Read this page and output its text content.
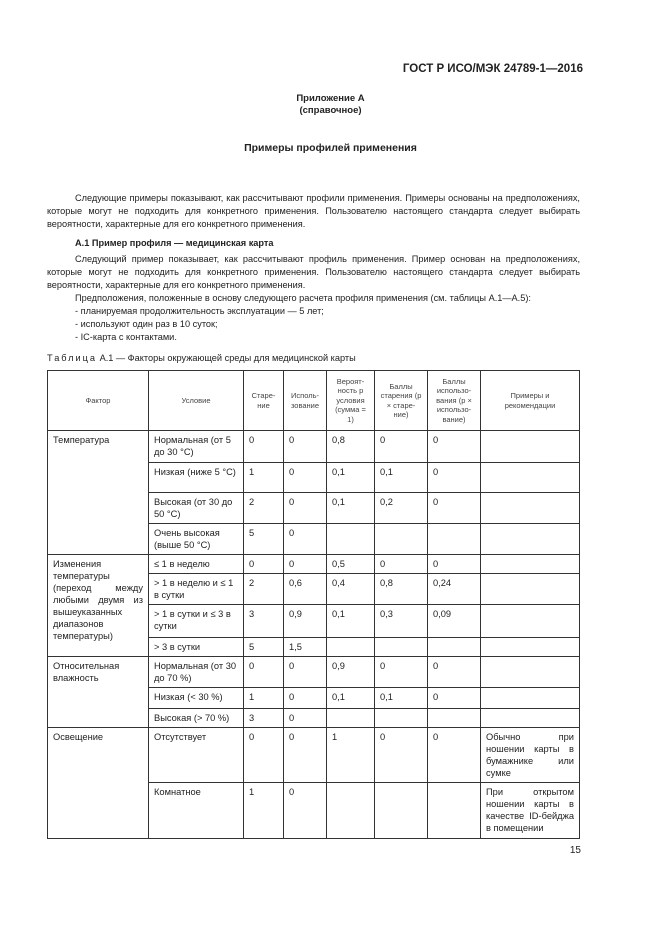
ГОСТ Р ИСО/МЭК 24789-1—2016
Приложение А
(справочное)
Примеры профилей применения

Следующие примеры показывают, как рассчитывают профили применения. Примеры основаны на предположениях, которые могут не подходить для конкретного применения. Пользователю настоящего стандарта следует выбирать вероятности, характерные для его конкретного применения.

А.1 Пример профиля — медицинская карта

Следующий пример показывает, как рассчитывают профиль применения. Пример основан на предположениях, которые могут не подходить для конкретного применения. Пользователю настоящего стандарта следует выбирать вероятности, характерные для его конкретного применения.

Предположения, положенные в основу следующего расчета профиля применения (см. таблицы А.1—А.5):

- планируемая продолжительность эксплуатации — 5 лет;

- используют один раз в 10 суток;

- IC-карта с контактами.

Таблица А.1 — Факторы окружающей среды для медицинской карты

Фактор	Условие	Старе-ние	Исполь-зование	Вероят-ность p условия (сумма = 1)	Баллы старения (p × старе-ние)	Баллы использо-вания (p × использо-вание)	Примеры и рекомендации
Температура	Нормальная (от 5 до 30 °С)	0	0	0,8	0	0	
	Низкая (ниже 5 °С)	1	0	0,1	0,1	0	
	Высокая (от 30 до 50 °С)	2	0	0,1	0,2	0	
	Очень высокая (выше 50 °С)	5	0				
Изменения температуры (переход между любыми двумя из вышеуказанных диапазонов температуры)	≤ 1 в неделю	0	0	0,5	0	0	
	> 1 в неделю и ≤ 1 в сутки	2	0,6	0,4	0,8	0,24	
	> 1 в сутки и ≤ 3 в сутки	3	0,9	0,1	0,3	0,09	
	> 3 в сутки	5	1,5				
Относительная влажность	Нормальная (от 30 до 70 %)	0	0	0,9	0	0	
	Низкая (< 30 %)	1	0	0,1	0,1	0	
	Высокая (> 70 %)	3	0				
Освещение	Отсутствует	0	0	1	0	0	Обычно при ношении карты в бумажнике или сумке
	Комнатное	1	0				При открытом ношении карты в качестве ID-бейджа в помещении
15
